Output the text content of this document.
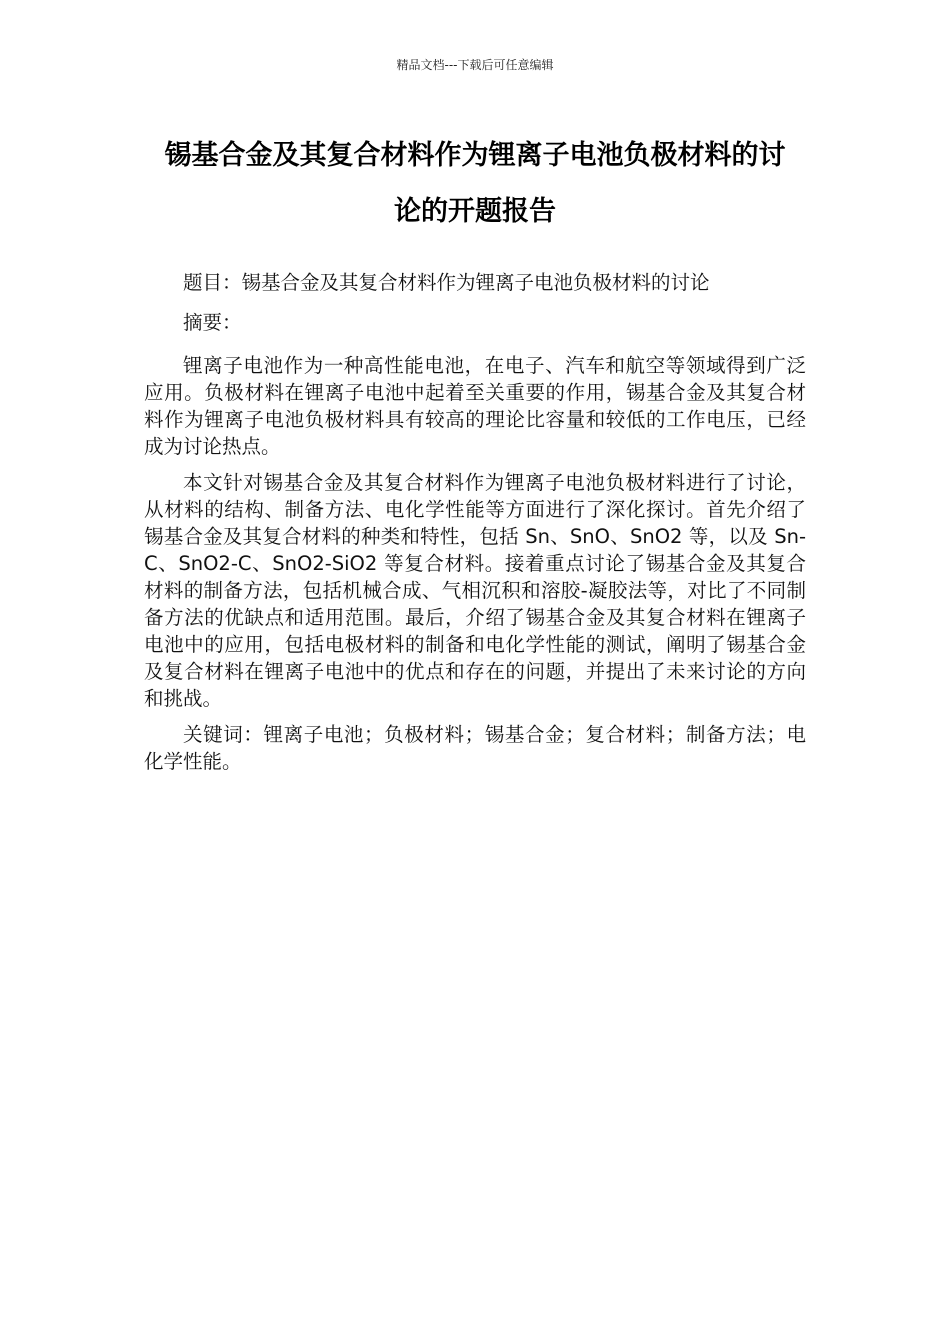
精品文档---下载后可任意编辑
锡基合金及其复合材料作为锂离子电池负极材料的讨
论的开题报告

题目：锡基合金及其复合材料作为锂离子电池负极材料的讨论

摘要：

锂离子电池作为一种高性能电池，在电子、汽车和航空等领域得到广泛应用。负极材料在锂离子电池中起着至关重要的作用，锡基合金及其复合材料作为锂离子电池负极材料具有较高的理论比容量和较低的工作电压，已经成为讨论热点。

本文针对锡基合金及其复合材料作为锂离子电池负极材料进行了讨论，从材料的结构、制备方法、电化学性能等方面进行了深化探讨。首先介绍了锡基合金及其复合材料的种类和特性，包括 Sn、SnO、SnO2 等，以及 Sn-C、SnO2-C、SnO2-SiO2 等复合材料。接着重点讨论了锡基合金及其复合材料的制备方法，包括机械合成、气相沉积和溶胶-凝胶法等，对比了不同制备方法的优缺点和适用范围。最后，介绍了锡基合金及其复合材料在锂离子电池中的应用，包括电极材料的制备和电化学性能的测试，阐明了锡基合金及复合材料在锂离子电池中的优点和存在的问题，并提出了未来讨论的方向和挑战。

关键词：锂离子电池；负极材料；锡基合金；复合材料；制备方法；电化学性能。
